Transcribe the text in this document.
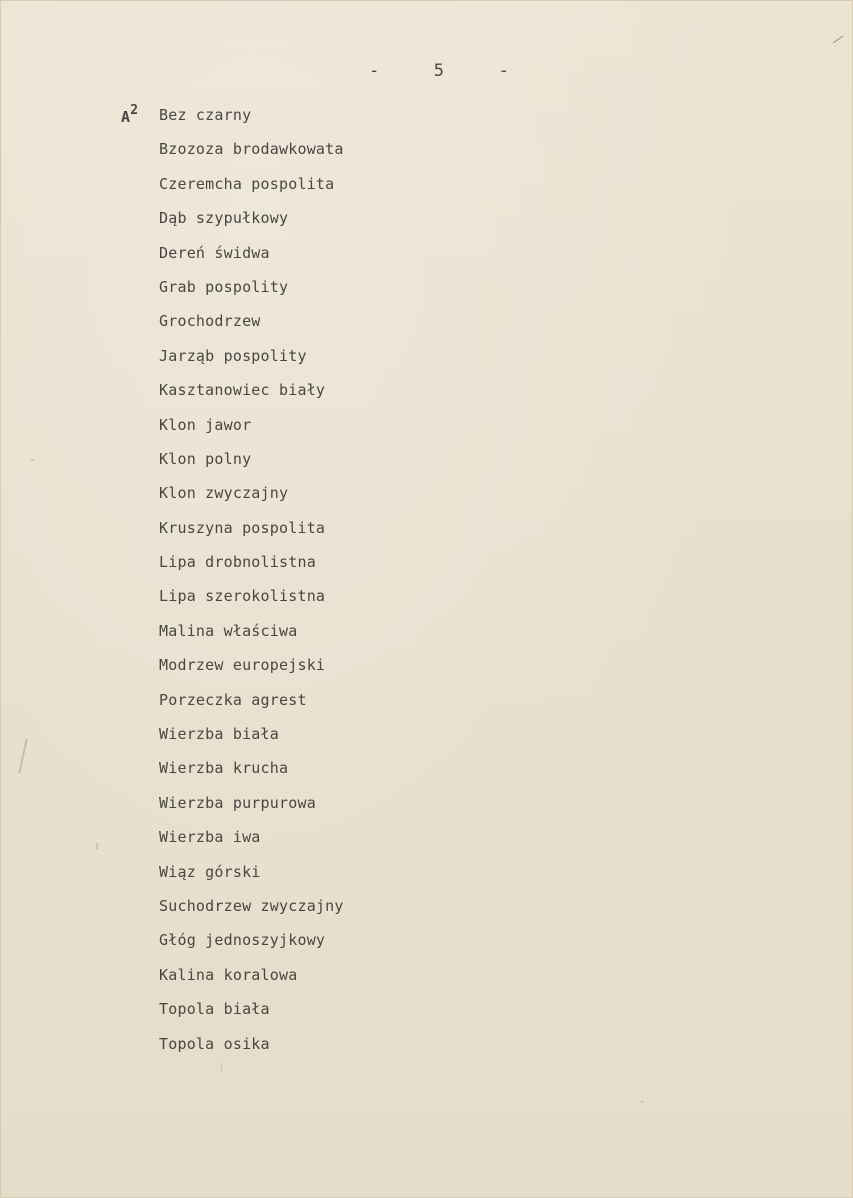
-	5	-
$A^2$ Bez czarny
Bzozoza brodawkowata
Czeremcha pospolita
Dąb szypułkowy
Dereń świdwa
Grab pospolity
Grochodrzew
Jarząb pospolity
Kasztanowiec biały
Klon jawor
Klon polny
Klon zwyczajny
Kruszyna pospolita
Lipa drobnolistna
Lipa szerokolistna
Malina właściwa
Modrzew europejski
Porzeczka agrest
Wierzba biała
Wierzba krucha
Wierzba purpurowa
Wierzba iwa
Wiąz górski
Suchodrzew zwyczajny
Głóg jednoszyjkowy
Kalina koralowa
Topola biała
Topola osika
